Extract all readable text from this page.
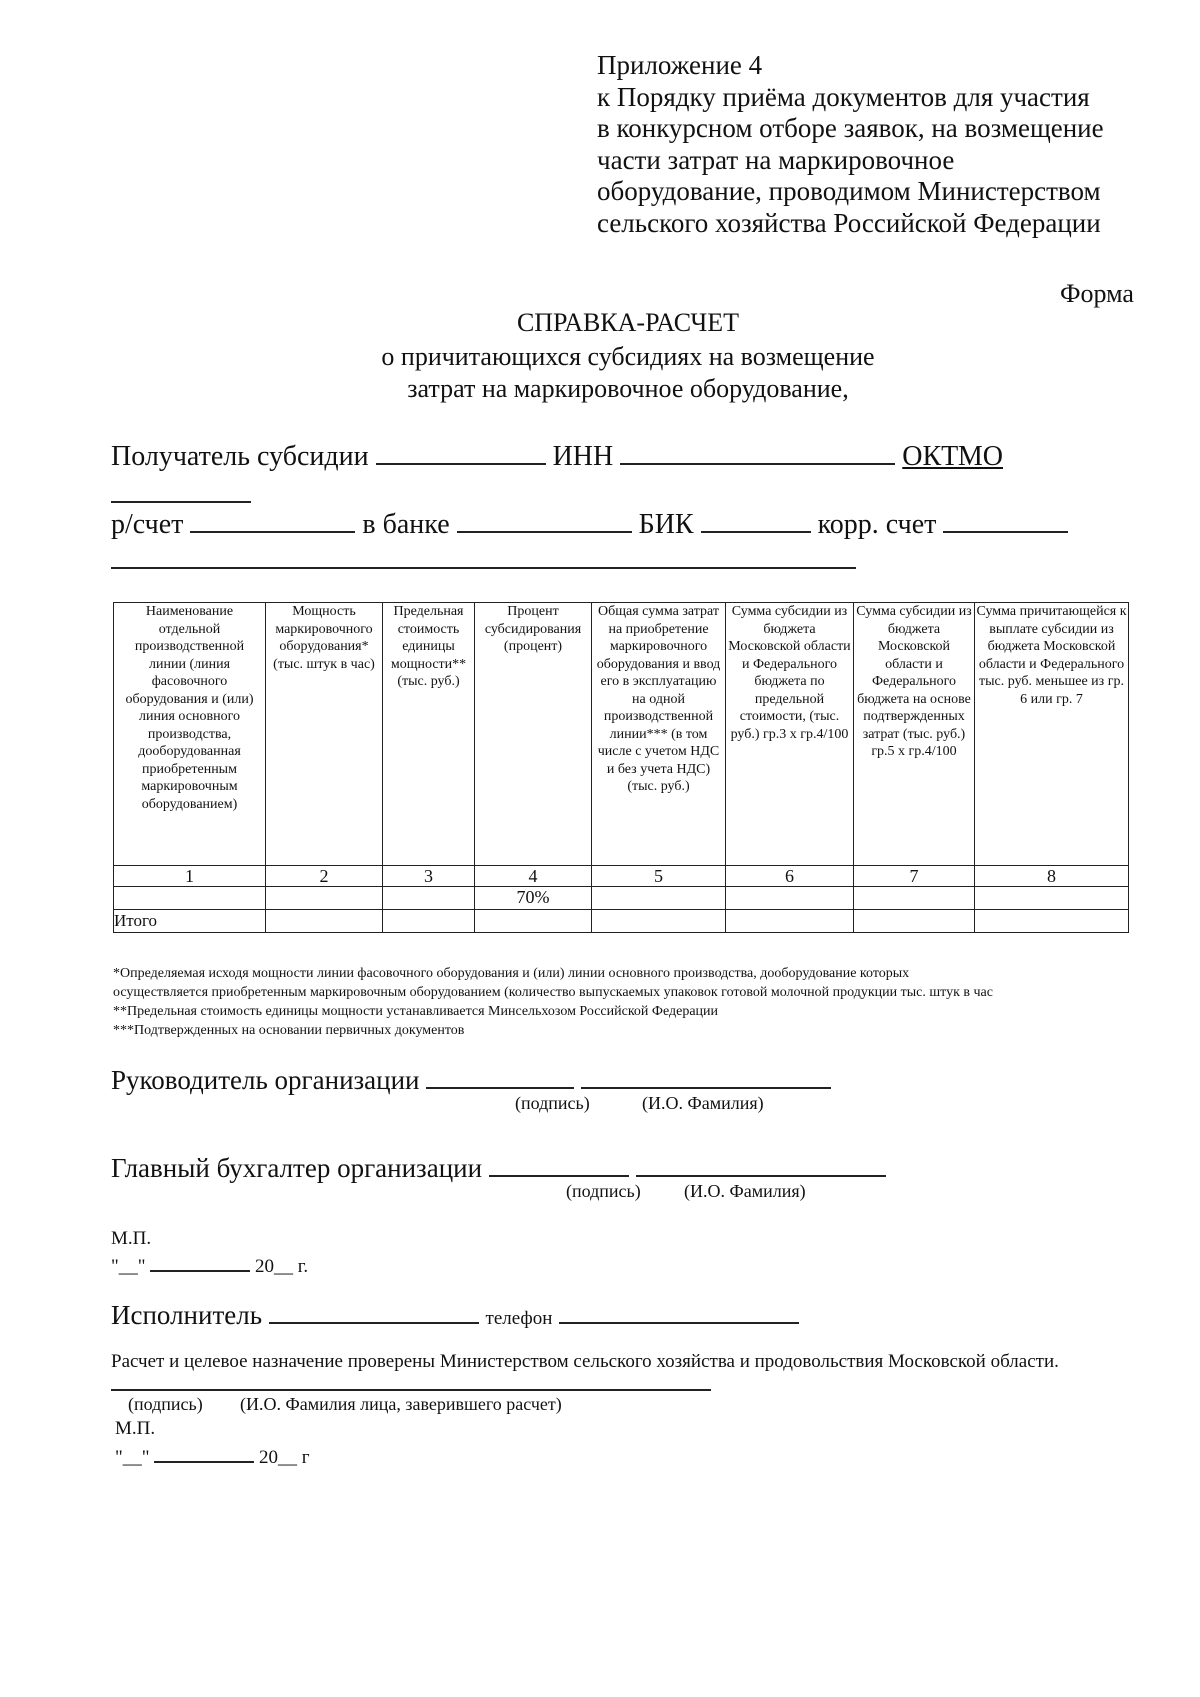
Приложение 4
к Порядку приёма документов для участия
в конкурсном отборе заявок, на возмещение
части затрат на маркировочное
оборудование, проводимом Министерством
сельского хозяйства Российской Федерации
Форма
СПРАВКА-РАСЧЕТ
о причитающихся субсидиях на возмещение
затрат на маркировочное оборудование,
Получатель субсидии	ИНН	ОКТМО
р/счет	в банке	БИК	корр. счет
Наименование отдельной производственной линии (линия фасовочного оборудования и (или) линия основного производства, дооборудованная приобретенным маркировочным оборудованием)	Мощность маркировочного оборудования* (тыс. штук в час)	Предельная стоимость единицы мощности** (тыс. руб.)	Процент субсидирования (процент)	Общая сумма затрат на приобретение маркировочного оборудования и ввод его в эксплуатацию на одной производственной линии*** (в том числе с учетом НДС и без учета НДС) (тыс. руб.)	Сумма субсидии из бюджета Московской области и Федерального бюджета по предельной стоимости, (тыс. руб.) гр.3 х гр.4/100	Сумма субсидии из бюджета Московской области и Федерального бюджета на основе подтвержденных затрат (тыс. руб.) гр.5 х гр.4/100	Сумма причитающейся к выплате субсидии из бюджета Московской области и Федерального тыс. руб. меньшее из гр. 6 или гр. 7
1	2	3	4	5	6	7	8
			70%				
Итого							
*Определяемая исходя мощности линии фасовочного оборудования и (или) линии основного производства, дооборудование которых
осуществляется приобретенным маркировочным оборудованием (количество выпускаемых упаковок готовой молочной продукции тыс. штук в час
**Предельная стоимость единицы мощности устанавливается Минсельхозом Российской Федерации
***Подтвержденных на основании первичных документов
Руководитель организации
(подпись)	(И.О. Фамилия)
Главный бухгалтер организации
(подпись) (И.О. Фамилия)
М.П.
"__"	20__ г.
Исполнитель	телефон
Расчет и целевое назначение проверены Министерством сельского хозяйства и продовольствия Московской области.
(подпись) (И.О. Фамилия лица, заверившего расчет)
М.П.
"__"	20__ г
